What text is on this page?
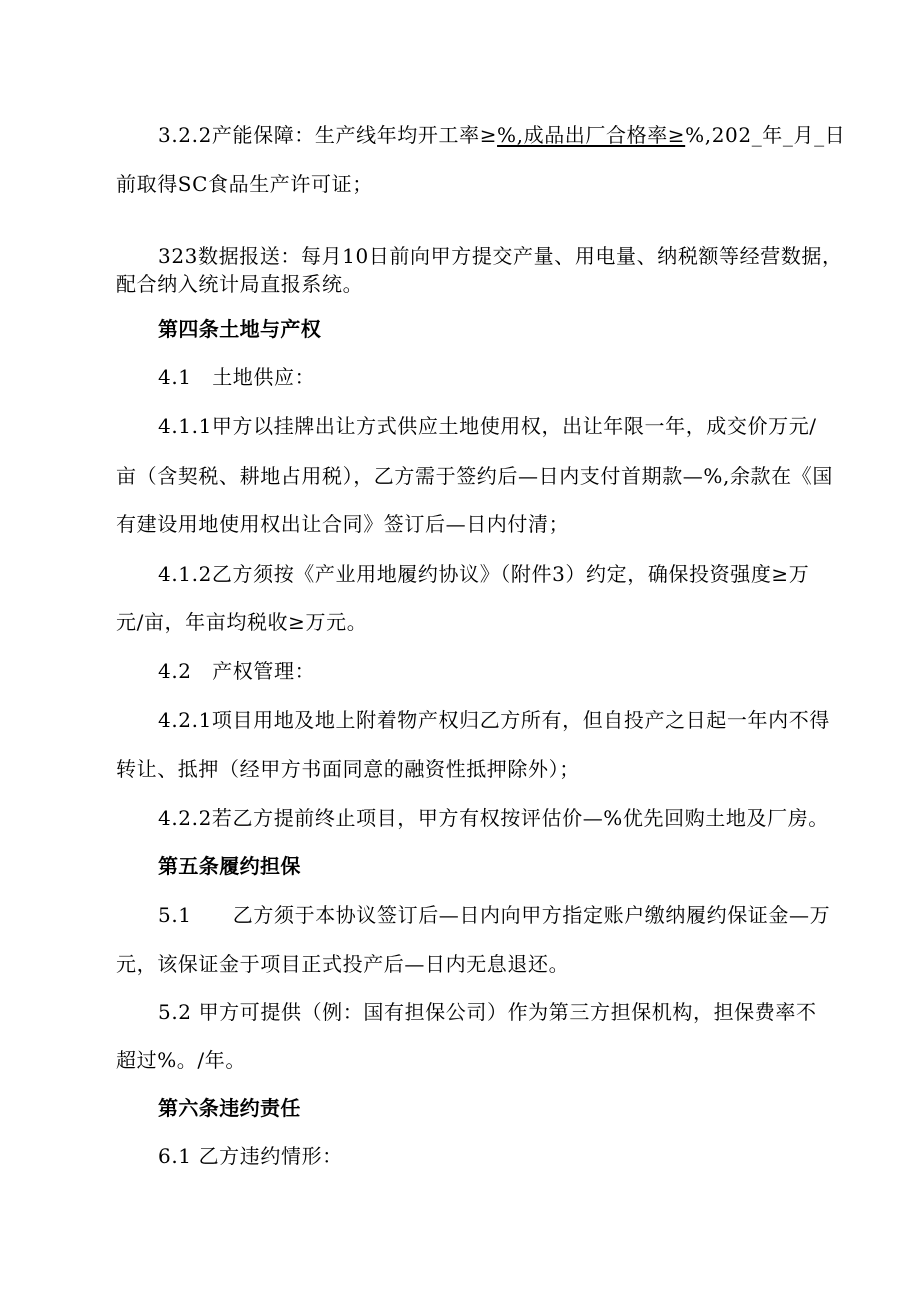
3.2.2产能保障：生产线年均开工率≥%,成品出厂合格率≥%,202_年_月_日
前取得SC食品生产许可证；
323数据报送：每月10日前向甲方提交产量、用电量、纳税额等经营数据，
配合纳入统计局直报系统。
第四条土地与产权
4.1　土地供应：
4.1.1甲方以挂牌出让方式供应土地使用权，出让年限一年，成交价万元/
亩（含契税、耕地占用税），乙方需于签约后—日内支付首期款—%,余款在《国
有建设用地使用权出让合同》签订后—日内付清；
4.1.2乙方须按《产业用地履约协议》（附件3）约定，确保投资强度≥万
元/亩，年亩均税收≥万元。
4.2　产权管理：
4.2.1项目用地及地上附着物产权归乙方所有，但自投产之日起一年内不得
转让、抵押（经甲方书面同意的融资性抵押除外）；
4.2.2若乙方提前终止项目，甲方有权按评估价—%优先回购土地及厂房。
第五条履约担保
5.1　　乙方须于本协议签订后—日内向甲方指定账户缴纳履约保证金—万
元，该保证金于项目正式投产后—日内无息退还。
5.2 甲方可提供（例：国有担保公司）作为第三方担保机构，担保费率不
超过%。/年。
第六条违约责任
6.1 乙方违约情形：
